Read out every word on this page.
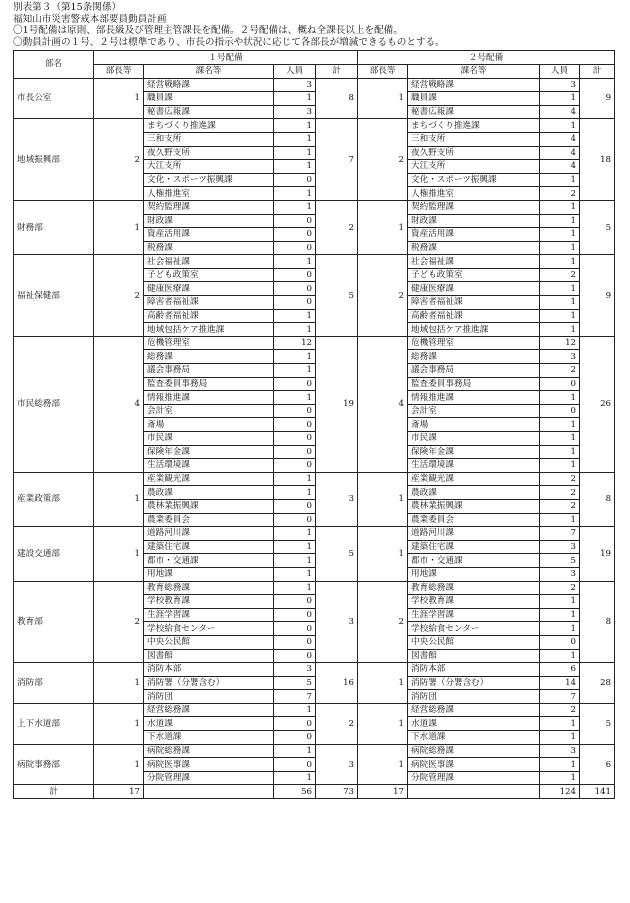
別表第３（第15条関係）
福知山市災害警戒本部要員動員計画
〇1号配備は原則、部長級及び管理主管課長を配備。２号配備は、概ね全課長以上を配備。
〇動員計画の１号、２号は標準であり、市長の指示や状況に応じて各部長が増減できるものとする。
部名	１号配備				２号配備			
	部長等	課名等	人員	計	部長等	課名等	人員	計
市長公室	1	経営戦略課	3	8	1	経営戦略課	3	9
		職員課	1			職員課	1	
		秘書広報課	3			秘書広報課	4	
地域振興部	2	まちづくり推進課	1	7	2	まちづくり推進課	1	18
		三和支所	1			三和支所	4	
		夜久野支所	1			夜久野支所	4	
		大江支所	1			大江支所	4	
		文化・スポーツ振興課	0			文化・スポーツ振興課	1	
		人権推進室	1			人権推進室	2	
財務部	1	契約監理課	1	2	1	契約監理課	1	5
		財政課	0			財政課	1	
		資産活用課	0			資産活用課	1	
		税務課	0			税務課	1	
福祉保健部	2	社会福祉課	1	5	2	社会福祉課	1	9
		子ども政策室	0			子ども政策室	2	
		健康医療課	0			健康医療課	1	
		障害者福祉課	0			障害者福祉課	1	
		高齢者福祉課	1			高齢者福祉課	1	
		地域包括ケア推進課	1			地域包括ケア推進課	1	
市民総務部	4	危機管理室	12	19	4	危機管理室	12	26
		総務課	1			総務課	3	
		議会事務局	1			議会事務局	2	
		監査委員事務局	0			監査委員事務局	0	
		情報推進課	1			情報推進課	1	
		会計室	0			会計室	0	
		斎場	0			斎場	1	
		市民課	0			市民課	1	
		保険年金課	0			保険年金課	1	
		生活環境課	0			生活環境課	1	
産業政策部	1	産業観光課	1	3	1	産業観光課	2	8
		農政課	1			農政課	2	
		農林業振興課	0			農林業振興課	2	
		農業委員会	0			農業委員会	1	
建設交通部	1	道路河川課	1	5	1	道路河川課	7	19
		建築住宅課	1			建築住宅課	3	
		都市・交通課	1			都市・交通課	5	
		用地課	1			用地課	3	
教育部	2	教育総務課	1	3	2	教育総務課	2	8
		学校教育課	0			学校教育課	1	
		生涯学習課	0			生涯学習課	1	
		学校給食センター	0			学校給食センター	1	
		中央公民館	0			中央公民館	0	
		図書館	0			図書館	1	
消防部	1	消防本部	3	16	1	消防本部	6	28
		消防署（分署含む）	5			消防署（分署含む）	14	
		消防団	7			消防団	7	
上下水道部	1	経営総務課	1	2	1	経営総務課	2	5
		水道課	0			水道課	1	
		下水道課	0			下水道課	1	
病院事務部	1	病院総務課	1	3	1	病院総務課	3	6
		病院医事課	0			病院医事課	1	
		分院管理課	1			分院管理課	1	
計	17		56	73	17		124	141
